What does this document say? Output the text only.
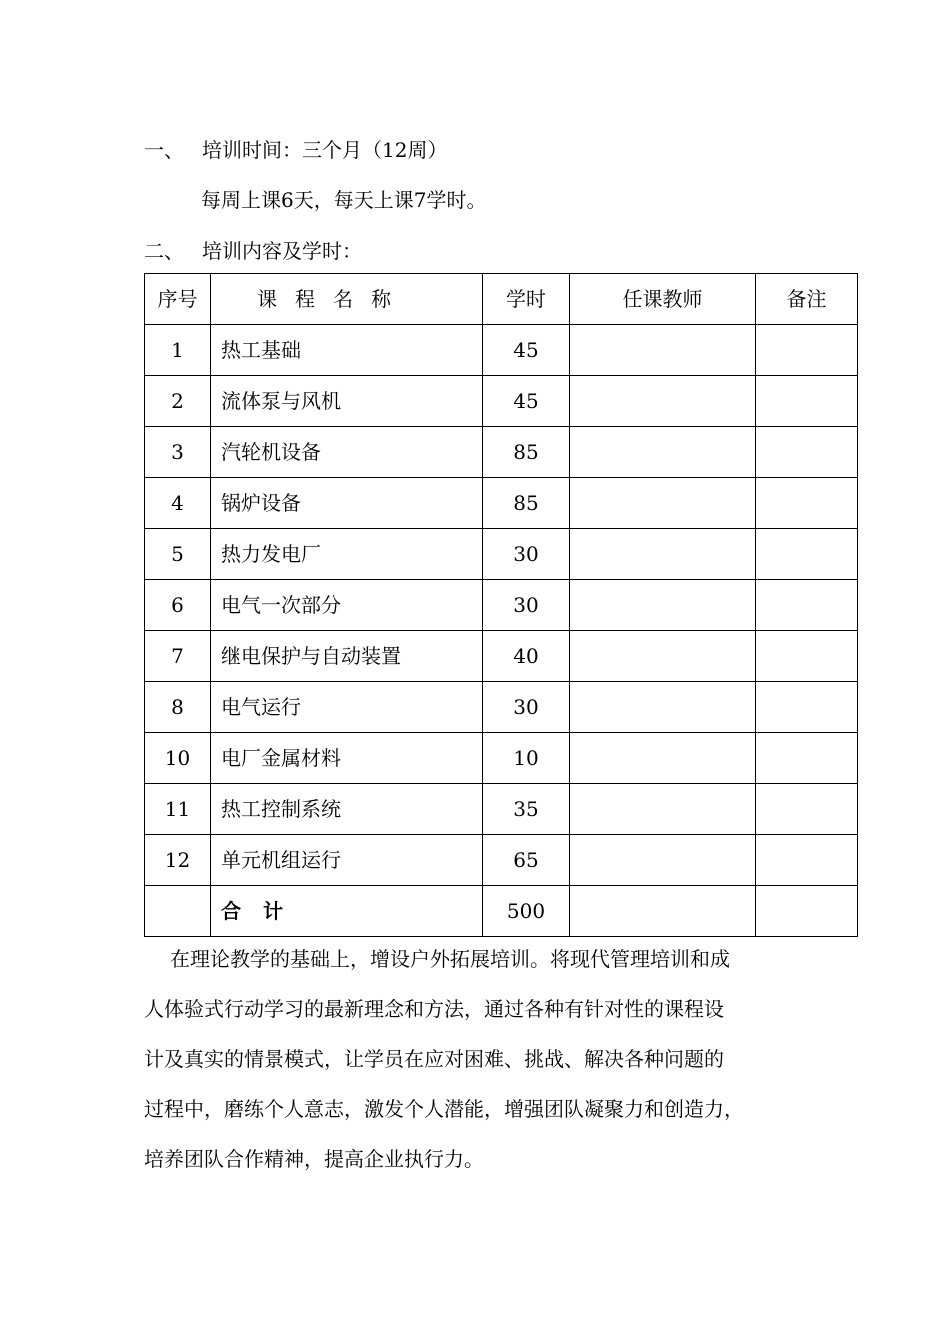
一、 培训时间：三个月（12周）
每周上课6天，每天上课7学时。
二、 培训内容及学时：
序号	课程名称	学时	任课教师	备注
1	热工基础	45		
2	流体泵与风机	45		
3	汽轮机设备	85		
4	锅炉设备	85		
5	热力发电厂	30		
6	电气一次部分	30		
7	继电保护与自动装置	40		
8	电气运行	30		
10	电厂金属材料	10		
11	热工控制系统	35		
12	单元机组运行	65		
	合计	500		
在理论教学的基础上，增设户外拓展培训。将现代管理培训和成
人体验式行动学习的最新理念和方法，通过各种有针对性的课程设
计及真实的情景模式，让学员在应对困难、挑战、解决各种问题的
过程中，磨练个人意志，激发个人潜能，增强团队凝聚力和创造力，
培养团队合作精神，提高企业执行力。
